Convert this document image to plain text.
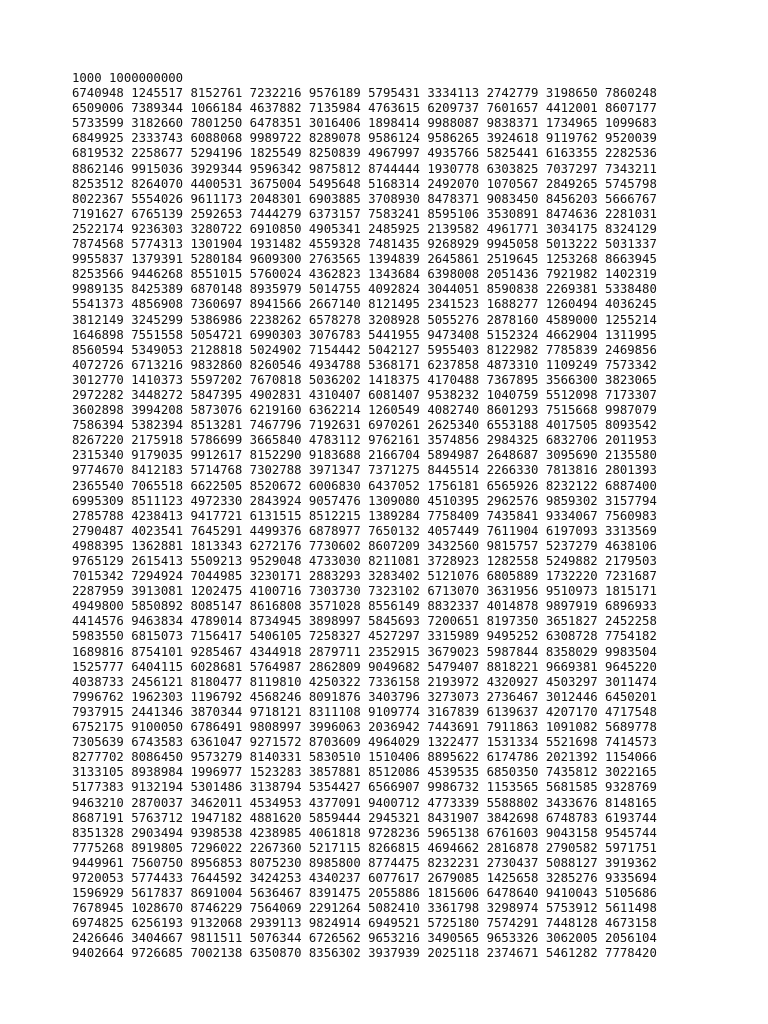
1000 1000000000
6740948 1245517 8152761 7232216 9576189 5795431 3334113 2742779 3198650 7860248
6509006 7389344 1066184 4637882 7135984 4763615 6209737 7601657 4412001 8607177
5733599 3182660 7801250 6478351 3016406 1898414 9988087 9838371 1734965 1099683
6849925 2333743 6088068 9989722 8289078 9586124 9586265 3924618 9119762 9520039
6819532 2258677 5294196 1825549 8250839 4967997 4935766 5825441 6163355 2282536
8862146 9915036 3929344 9596342 9875812 8744444 1930778 6303825 7037297 7343211
8253512 8264070 4400531 3675004 5495648 5168314 2492070 1070567 2849265 5745798
8022367 5554026 9611173 2048301 6903885 3708930 8478371 9083450 8456203 5666767
7191627 6765139 2592653 7444279 6373157 7583241 8595106 3530891 8474636 2281031
2522174 9236303 3280722 6910850 4905341 2485925 2139582 4961771 3034175 8324129
7874568 5774313 1301904 1931482 4559328 7481435 9268929 9945058 5013222 5031337
9955837 1379391 5280184 9609300 2763565 1394839 2645861 2519645 1253268 8663945
8253566 9446268 8551015 5760024 4362823 1343684 6398008 2051436 7921982 1402319
9989135 8425389 6870148 8935979 5014755 4092824 3044051 8590838 2269381 5338480
5541373 4856908 7360697 8941566 2667140 8121495 2341523 1688277 1260494 4036245
3812149 3245299 5386986 2238262 6578278 3208928 5055276 2878160 4589000 1255214
1646898 7551558 5054721 6990303 3076783 5441955 9473408 5152324 4662904 1311995
8560594 5349053 2128818 5024902 7154442 5042127 5955403 8122982 7785839 2469856
4072726 6713216 9832860 8260546 4934788 5368171 6237858 4873310 1109249 7573342
3012770 1410373 5597202 7670818 5036202 1418375 4170488 7367895 3566300 3823065
2972282 3448272 5847395 4902831 4310407 6081407 9538232 1040759 5512098 7173307
3602898 3994208 5873076 6219160 6362214 1260549 4082740 8601293 7515668 9987079
7586394 5382394 8513281 7467796 7192631 6970261 2625340 6553188 4017505 8093542
8267220 2175918 5786699 3665840 4783112 9762161 3574856 2984325 6832706 2011953
2315340 9179035 9912617 8152290 9183688 2166704 5894987 2648687 3095690 2135580
9774670 8412183 5714768 7302788 3971347 7371275 8445514 2266330 7813816 2801393
2365540 7065518 6622505 8520672 6006830 6437052 1756181 6565926 8232122 6887400
6995309 8511123 4972330 2843924 9057476 1309080 4510395 2962576 9859302 3157794
2785788 4238413 9417721 6131515 8512215 1389284 7758409 7435841 9334067 7560983
2790487 4023541 7645291 4499376 6878977 7650132 4057449 7611904 6197093 3313569
4988395 1362881 1813343 6272176 7730602 8607209 3432560 9815757 5237279 4638106
9765129 2615413 5509213 9529048 4733030 8211081 3728923 1282558 5249882 2179503
7015342 7294924 7044985 3230171 2883293 3283402 5121076 6805889 1732220 7231687
2287959 3913081 1202475 4100716 7303730 7323102 6713070 3631956 9510973 1815171
4949800 5850892 8085147 8616808 3571028 8556149 8832337 4014878 9897919 6896933
4414576 9463834 4789014 8734945 3898997 5845693 7200651 8197350 3651827 2452258
5983550 6815073 7156417 5406105 7258327 4527297 3315989 9495252 6308728 7754182
1689816 8754101 9285467 4344918 2879711 2352915 3679023 5987844 8358029 9983504
1525777 6404115 6028681 5764987 2862809 9049682 5479407 8818221 9669381 9645220
4038733 2456121 8180477 8119810 4250322 7336158 2193972 4320927 4503297 3011474
7996762 1962303 1196792 4568246 8091876 3403796 3273073 2736467 3012446 6450201
7937915 2441346 3870344 9718121 8311108 9109774 3167839 6139637 4207170 4717548
6752175 9100050 6786491 9808997 3996063 2036942 7443691 7911863 1091082 5689778
7305639 6743583 6361047 9271572 8703609 4964029 1322477 1531334 5521698 7414573
8277702 8086450 9573279 8140331 5830510 1510406 8895622 6174786 2021392 1154066
3133105 8938984 1996977 1523283 3857881 8512086 4539535 6850350 7435812 3022165
5177383 9132194 5301486 3138794 5354427 6566907 9986732 1153565 5681585 9328769
9463210 2870037 3462011 4534953 4377091 9400712 4773339 5588802 3433676 8148165
8687191 5763712 1947182 4881620 5859444 2945321 8431907 3842698 6748783 6193744
8351328 2903494 9398538 4238985 4061818 9728236 5965138 6761603 9043158 9545744
7775268 8919805 7296022 2267360 5217115 8266815 4694662 2816878 2790582 5971751
9449961 7560750 8956853 8075230 8985800 8774475 8232231 2730437 5088127 3919362
9720053 5774433 7644592 3424253 4340237 6077617 2679085 1425658 3285276 9335694
1596929 5617837 8691004 5636467 8391475 2055886 1815606 6478640 9410043 5105686
7678945 1028670 8746229 7564069 2291264 5082410 3361798 3298974 5753912 5611498
6974825 6256193 9132068 2939113 9824914 6949521 5725180 7574291 7448128 4673158
2426646 3404667 9811511 5076344 6726562 9653216 3490565 9653326 3062005 2056104
9402664 9726685 7002138 6350870 8356302 3937939 2025118 2374671 5461282 7778420
